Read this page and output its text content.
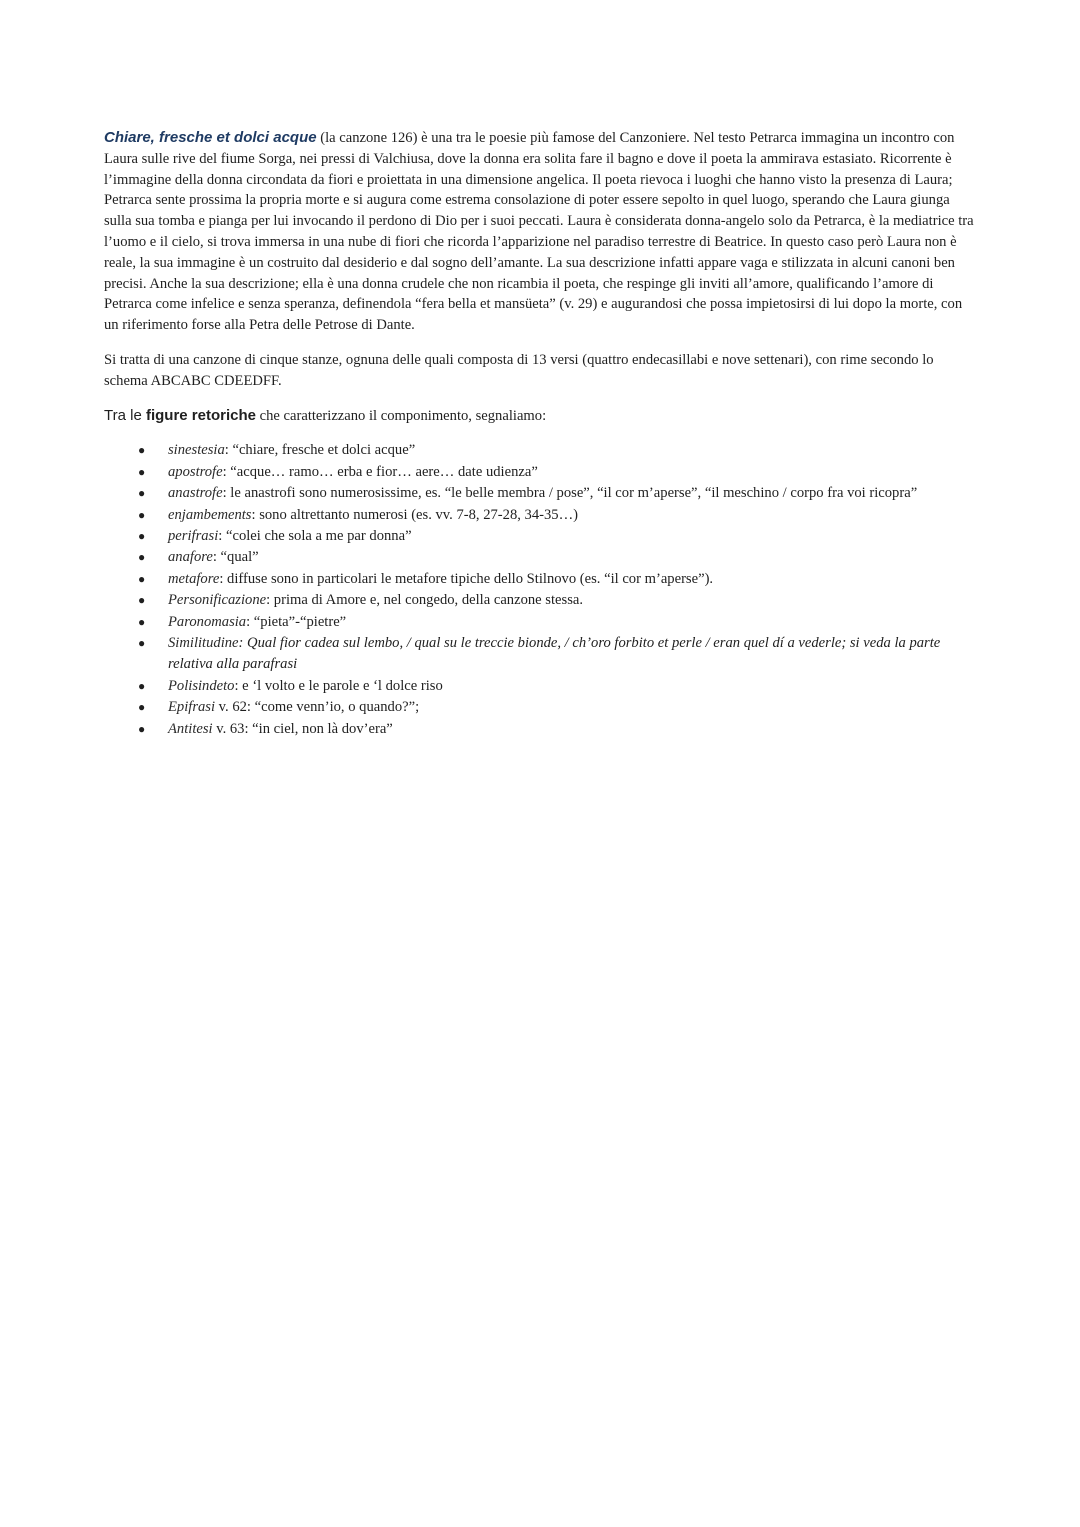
Chiare, fresche et dolci acque (la canzone 126) è una tra le poesie più famose del Canzoniere. Nel testo Petrarca immagina un incontro con Laura sulle rive del fiume Sorga, nei pressi di Valchiusa, dove la donna era solita fare il bagno e dove il poeta la ammirava estasiato. Ricorrente è l’immagine della donna circondata da fiori e proiettata in una dimensione angelica. Il poeta rievoca i luoghi che hanno visto la presenza di Laura; Petrarca sente prossima la propria morte e si augura come estrema consolazione di poter essere sepolto in quel luogo, sperando che Laura giunga sulla sua tomba e pianga per lui invocando il perdono di Dio per i suoi peccati. Laura è considerata donna-angelo solo da Petrarca, è la mediatrice tra l’uomo e il cielo, si trova immersa in una nube di fiori che ricorda l’apparizione nel paradiso terrestre di Beatrice. In questo caso però Laura non è reale, la sua immagine è un costruito dal desiderio e dal sogno dell’amante. La sua descrizione infatti appare vaga e stilizzata in alcuni canoni ben precisi. Anche la sua descrizione; ella è una donna crudele che non ricambia il poeta, che respinge gli inviti all’amore, qualificando l’amore di Petrarca come infelice e senza speranza, definendola “fera bella et mansüeta” (v. 29) e augurandosi che possa impietosirsi di lui dopo la morte, con un riferimento forse alla Petra delle Petrose di Dante.

Si tratta di una canzone di cinque stanze, ognuna delle quali composta di 13 versi (quattro endecasillabi e nove settenari), con rime secondo lo schema ABCABC CDEEDFF.

Tra le figure retoriche che caratterizzano il componimento, segnaliamo:

● sinestesia: “chiare, fresche et dolci acque”
● apostrofe: “acque… ramo… erba e fior… aere… date udienza”
● anastrofe: le anastrofi sono numerosissime, es. “le belle membra / pose”, “il cor m’aperse”, “il meschino / corpo fra voi ricopra”
● enjambements: sono altrettanto numerosi (es. vv. 7-8, 27-28, 34-35…)
● perifrasi: “colei che sola a me par donna”
● anafore: “qual”
● metafore: diffuse sono in particolari le metafore tipiche dello Stilnovo (es. “il cor m’aperse”).
● Personificazione: prima di Amore e, nel congedo, della canzone stessa.
● Paronomasia: “pieta”-“pietre”
● Similitudine: Qual fior cadea sul lembo, / qual su le treccie bionde, / ch’oro forbito et perle / eran quel dí a vederle; si veda la parte relativa alla parafrasi
● Polisindeto: e ‘l volto e le parole e ‘l dolce riso
● Epifrasi v. 62: “come venn’io, o quando?”;
● Antitesi v. 63: “in ciel, non là dov’era”
